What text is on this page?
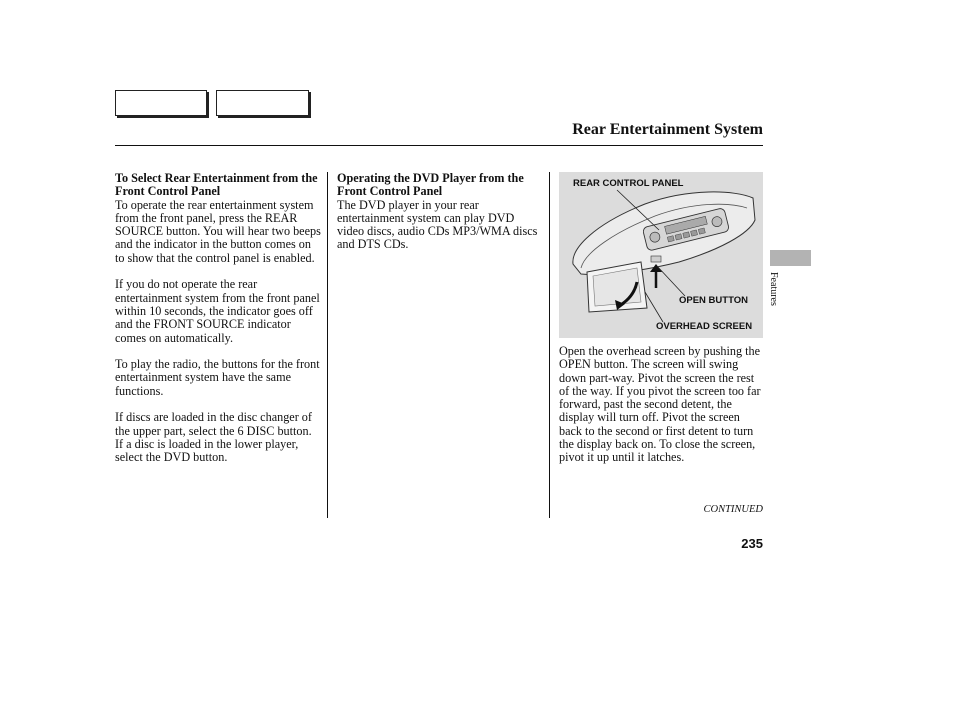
Rear Entertainment System
To Select Rear Entertainment from the Front Control Panel

To operate the rear entertainment system from the front panel, press the REAR SOURCE button. You will hear two beeps and the indicator in the button comes on to show that the control panel is enabled.

If you do not operate the rear entertainment system from the front panel within 10 seconds, the indicator goes off and the FRONT SOURCE indicator comes on automatically.

To play the radio, the buttons for the front entertainment system have the same functions.

If discs are loaded in the disc changer of the upper part, select the 6 DISC button. If a disc is loaded in the lower player, select the DVD button.

Operating the DVD Player from the Front Control Panel

The DVD player in your rear entertainment system can play DVD video discs, audio CDs MP3/WMA discs and DTS CDs.

REAR CONTROL PANEL
OPEN BUTTON
OVERHEAD SCREEN

Open the overhead screen by pushing the OPEN button. The screen will swing down part-way. Pivot the screen the rest of the way. If you pivot the screen too far forward, past the second detent, the display will turn off. Pivot the screen back to the second or first detent to turn the display back on. To close the screen, pivot it up until it latches.

CONTINUED
235
Features
